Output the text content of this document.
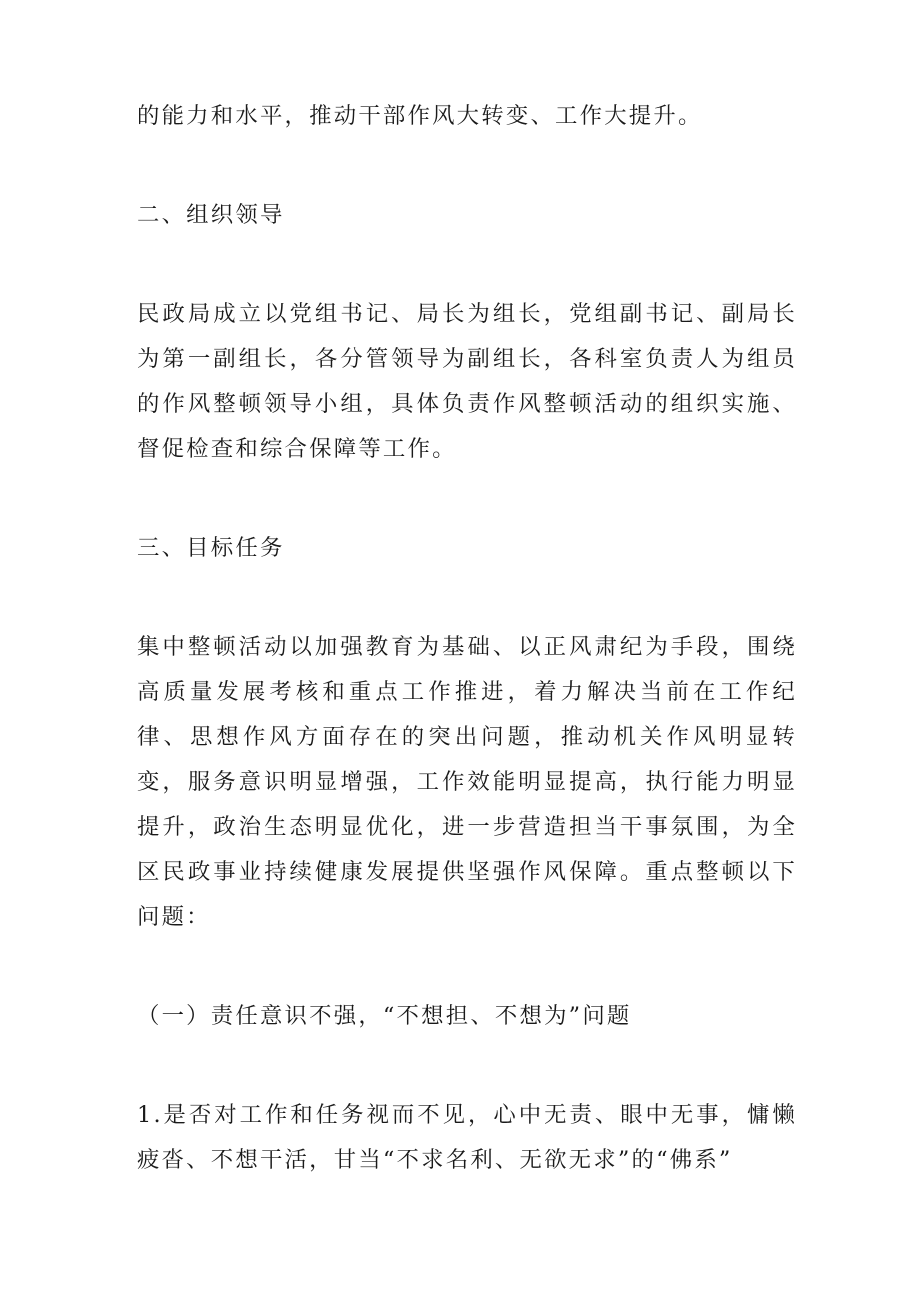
的能力和水平，推动干部作风大转变、工作大提升。

二、组织领导

民政局成立以党组书记、局长为组长，党组副书记、副局长为第一副组长，各分管领导为副组长，各科室负责人为组员的作风整顿领导小组，具体负责作风整顿活动的组织实施、督促检查和综合保障等工作。

三、目标任务

集中整顿活动以加强教育为基础、以正风肃纪为手段，围绕高质量发展考核和重点工作推进，着力解决当前在工作纪律、思想作风方面存在的突出问题，推动机关作风明显转变，服务意识明显增强，工作效能明显提高，执行能力明显提升，政治生态明显优化，进一步营造担当干事氛围，为全区民政事业持续健康发展提供坚强作风保障。重点整顿以下问题：

（一）责任意识不强，“不想担、不想为”问题

1.是否对工作和任务视而不见，心中无责、眼中无事，慵懒疲沓、不想干活，甘当“不求名利、无欲无求”的“佛系”
